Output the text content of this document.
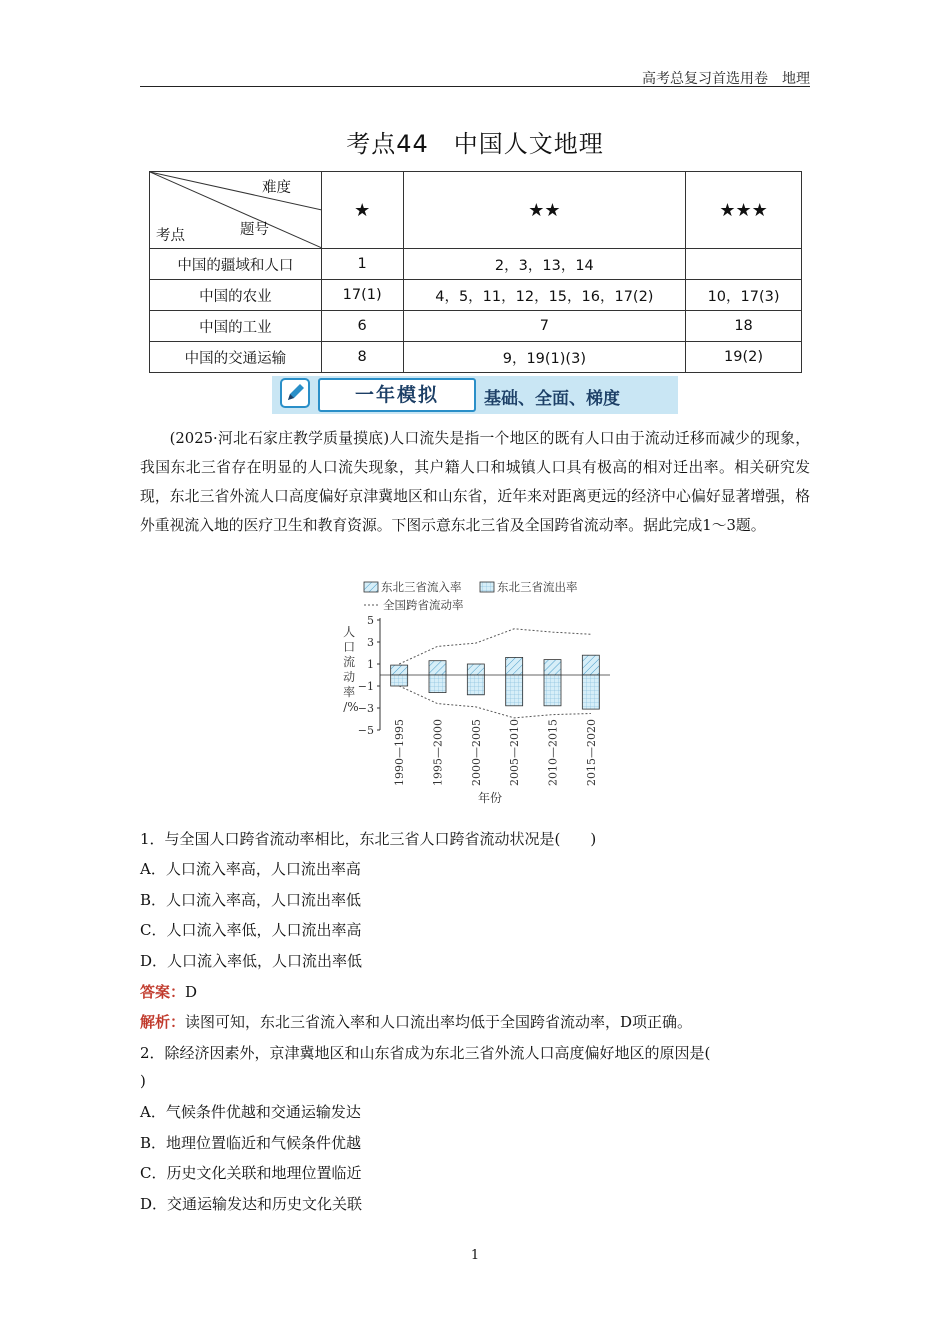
高考总复习首选用卷　地理
考点44　中国人文地理
难度
题号
考点	★	★★	★★★
中国的疆域和人口	1	2，3，13，14	
中国的农业	17(1)	4，5，11，12，15，16，17(2)	10，17(3)
中国的工业	6	7	18
中国的交通运输	8	9，19(1)(3)	19(2)
一年模拟	基础、全面、梯度
(2025·河北石家庄教学质量摸底)人口流失是指一个地区的既有人口由于流动迁移而减少的现象，我国东北三省存在明显的人口流失现象，其户籍人口和城镇人口具有极高的相对迁出率。相关研究发现，东北三省外流人口高度偏好京津冀地区和山东省，近年来对距离更远的经济中心偏好显著增强，格外重视流入地的医疗卫生和教育资源。下图示意东北三省及全国跨省流动率。据此完成1～3题。
东北三省流入率	东北三省流出率
全国跨省流动率
人 口 流 动 率 /%
5
3
1
−1
−3
−5 1990—1995 1995—2000 2000—2005 2005—2010 2010—2015 2015—2020
年份
1．与全国人口跨省流动率相比，东北三省人口跨省流动状况是(　　)
A．人口流入率高，人口流出率高
B．人口流入率高，人口流出率低
C．人口流入率低，人口流出率高
D．人口流入率低，人口流出率低
答案：D
解析：读图可知，东北三省流入率和人口流出率均低于全国跨省流动率，D项正确。
2．除经济因素外，京津冀地区和山东省成为东北三省外流人口高度偏好地区的原因是(
)
A．气候条件优越和交通运输发达
B．地理位置临近和气候条件优越
C．历史文化关联和地理位置临近
D．交通运输发达和历史文化关联
1
